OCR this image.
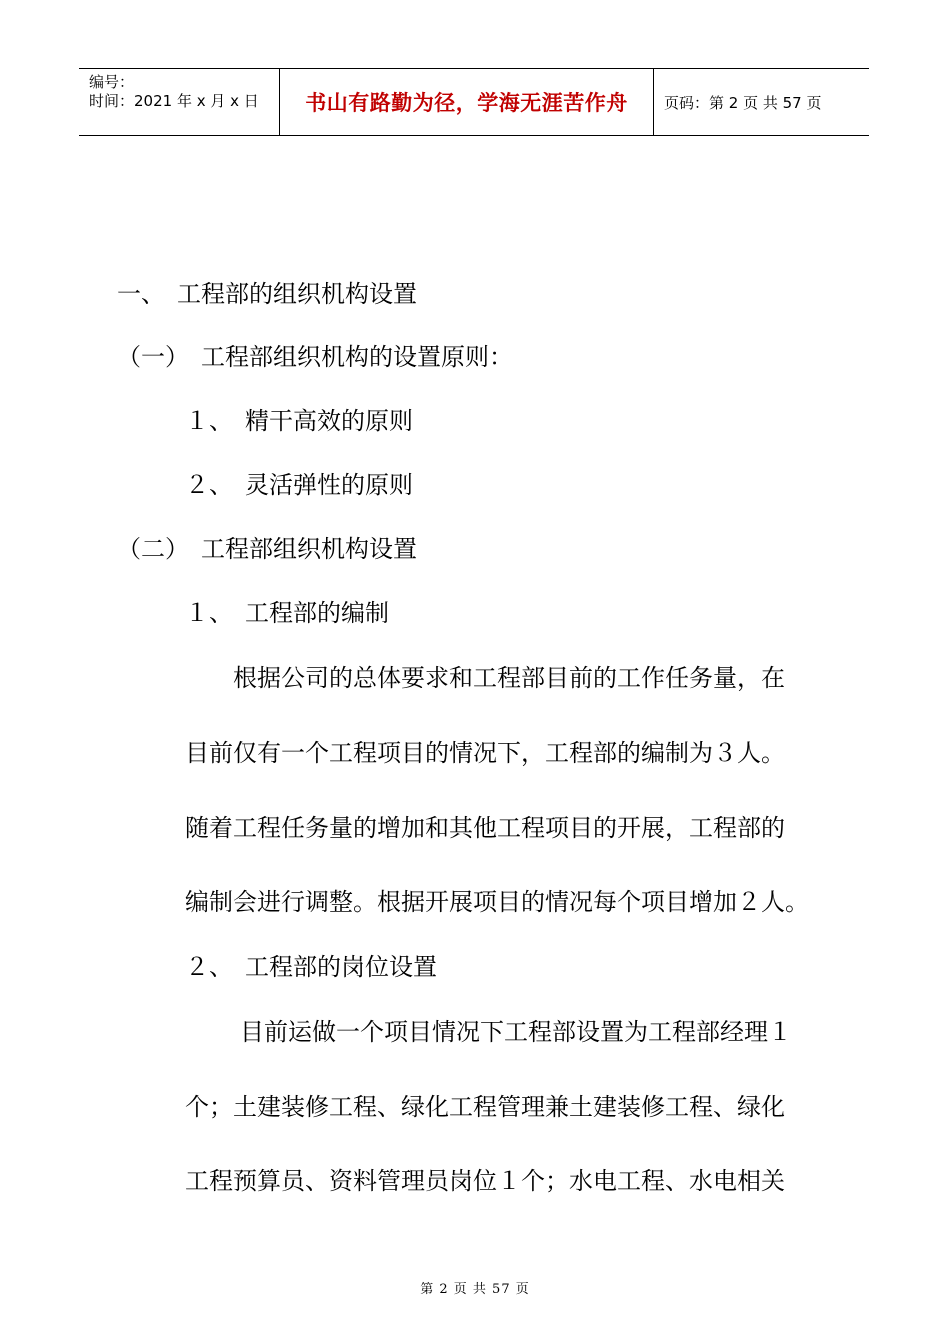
编号：
时间：2021 年 x 月 x 日	书山有路勤为径，学海无涯苦作舟	页码：第 2 页 共 57 页
一、　工程部的组织机构设置
（一）　工程部组织机构的设置原则：
１、　精干高效的原则
２、　灵活弹性的原则
（二）　工程部组织机构设置
１、　工程部的编制
根据公司的总体要求和工程部目前的工作任务量，在
目前仅有一个工程项目的情况下，工程部的编制为３人。
随着工程任务量的增加和其他工程项目的开展，工程部的
编制会进行调整。根据开展项目的情况每个项目增加２人。
２、　工程部的岗位设置
目前运做一个项目情况下工程部设置为工程部经理１
个；土建装修工程、绿化工程管理兼土建装修工程、绿化
工程预算员、资料管理员岗位１个；水电工程、水电相关
第 2 页 共 57 页
